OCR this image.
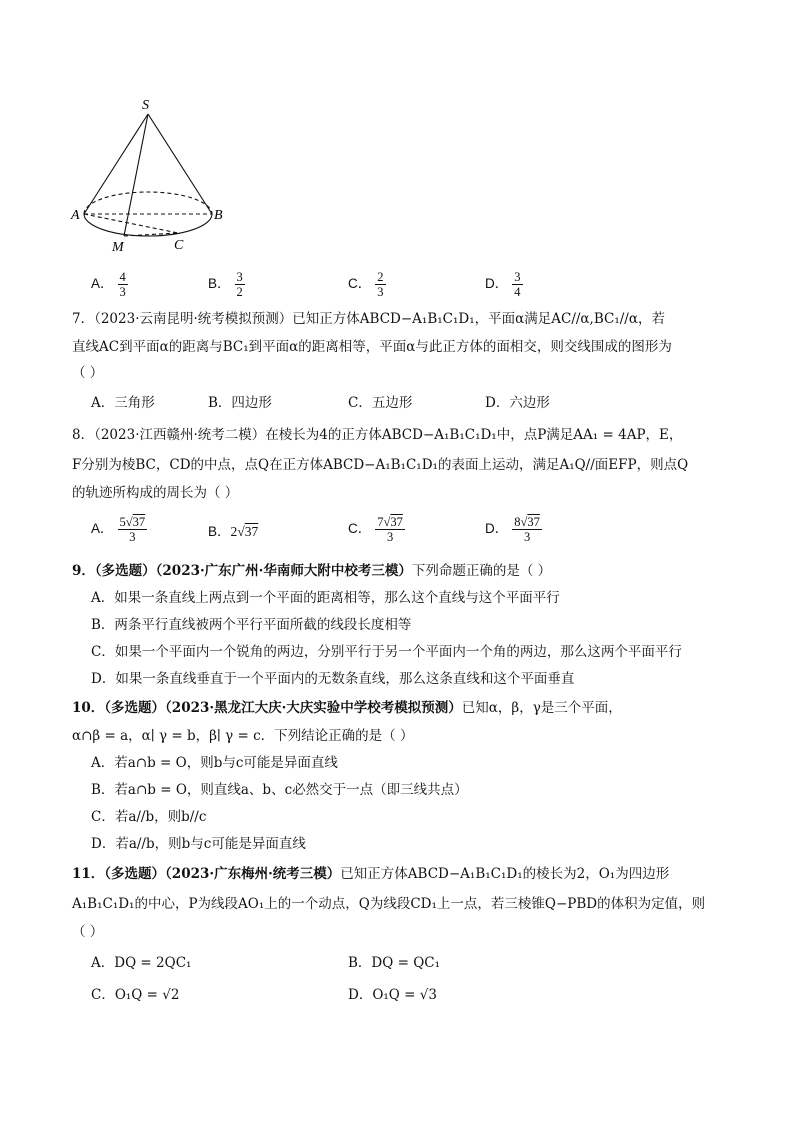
S
A	B
M	C
A． $\frac{4}{3}$	B． $\frac{3}{2}$	C． $\frac{2}{3}$	D． $\frac{3}{4}$
7．（2023·云南昆明·统考模拟预测）已知正方体ABCD−A₁B₁C₁D₁，平面α满足AC//α,BC₁//α，若
直线AC到平面α的距离与BC₁到平面α的距离相等，平面α与此正方体的面相交，则交线围成的图形为
（ ）
A．三角形	B．四边形	C．五边形	D．六边形
8．（2023·江西赣州·统考二模）在棱长为4的正方体ABCD−A₁B₁C₁D₁中，点P满足AA₁ = 4AP，E，
F分别为棱BC，CD的中点，点Q在正方体ABCD−A₁B₁C₁D₁的表面上运动，满足A₁Q//面EFP，则点Q
的轨迹所构成的周长为（ ）
A． $\frac{5√37}{3}$	B．2√37	C． $\frac{7√37}{3}$	D． $\frac{8√37}{3}$
9．（多选题）（2023·广东广州·华南师大附中校考三模）下列命题正确的是（ ）
A．如果一条直线上两点到一个平面的距离相等，那么这个直线与这个平面平行
B．两条平行直线被两个平行平面所截的线段长度相等
C．如果一个平面内一个锐角的两边，分别平行于另一个平面内一个角的两边，那么这两个平面平行
D．如果一条直线垂直于一个平面内的无数条直线，那么这条直线和这个平面垂直
10．（多选题）（2023·黑龙江大庆·大庆实验中学校考模拟预测）已知α，β，γ是三个平面，
α∩β = a，α∣ γ = b，β∣ γ = c．下列结论正确的是（ ）
A．若a∩b = O，则b与c可能是异面直线
B．若a∩b = O，则直线a、b、c必然交于一点（即三线共点）
C．若a//b，则b//c
D．若a//b，则b与c可能是异面直线
11．（多选题）（2023·广东梅州·统考三模）已知正方体ABCD−A₁B₁C₁D₁的棱长为2，O₁为四边形
A₁B₁C₁D₁的中心，P为线段AO₁上的一个动点，Q为线段CD₁上一点，若三棱锥Q−PBD的体积为定值，则
（ ）
A．DQ = 2QC₁	B．DQ = QC₁
C．O₁Q = √2	D．O₁Q = √3
